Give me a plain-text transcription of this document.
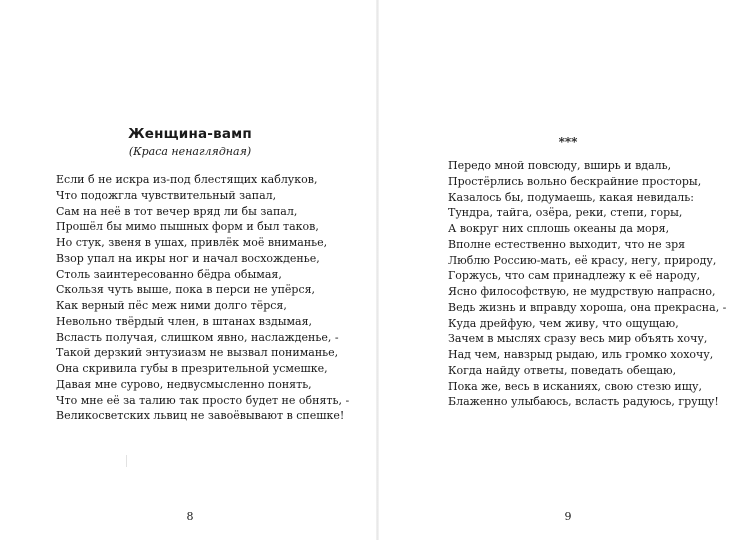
Женщина-вамп
(Краса ненаглядная)
Если б не искра из-под блестящих каблуков,
Что подожгла чувствительный запал,
Сам на неё в тот вечер вряд ли бы запал,
Прошёл бы мимо пышных форм и был таков,
Но стук, звеня в ушах, привлёк моё вниманье,
Взор упал на икры ног и начал восхожденье,
Столь заинтересованно бёдра обымая,
Скользя чуть выше, пока в перси не упёрся,
Как верный пёс меж ними долго тёрся,
Невольно твёрдый член, в штанах вздымая,
Всласть получая, слишком явно, наслажденье, -
Такой дерзкий энтузиазм не вызвал пониманье,
Она скривила губы в презрительной усмешке,
Давая мне сурово, недвусмысленно понять,
Что мне её за талию так просто будет не обнять, -
Великосветских львиц не завоёвывают в спешке!
8
***
Передо мной повсюду, вширь и вдаль,
Простёрлись вольно бескрайние просторы,
Казалось бы, подумаешь, какая невидаль:
Тундра, тайга, озёра, реки, степи, горы,
А вокруг них сплошь океаны да моря,
Вполне естественно выходит, что не зря
Люблю Россию-мать, её красу, негу, природу,
Горжусь, что сам принадлежу к её народу,
Ясно философствую, не мудрствую напрасно,
Ведь жизнь и вправду хороша, она прекрасна, -
Куда дрейфую, чем живу, что ощущаю,
Зачем в мыслях сразу весь мир объять хочу,
Над чем, навзрыд рыдаю, иль громко хохочу,
Когда найду ответы, поведать обещаю,
Пока же, весь в исканиях, свою стезю ищу,
Блаженно улыбаюсь, всласть радуюсь, грущу!
9
